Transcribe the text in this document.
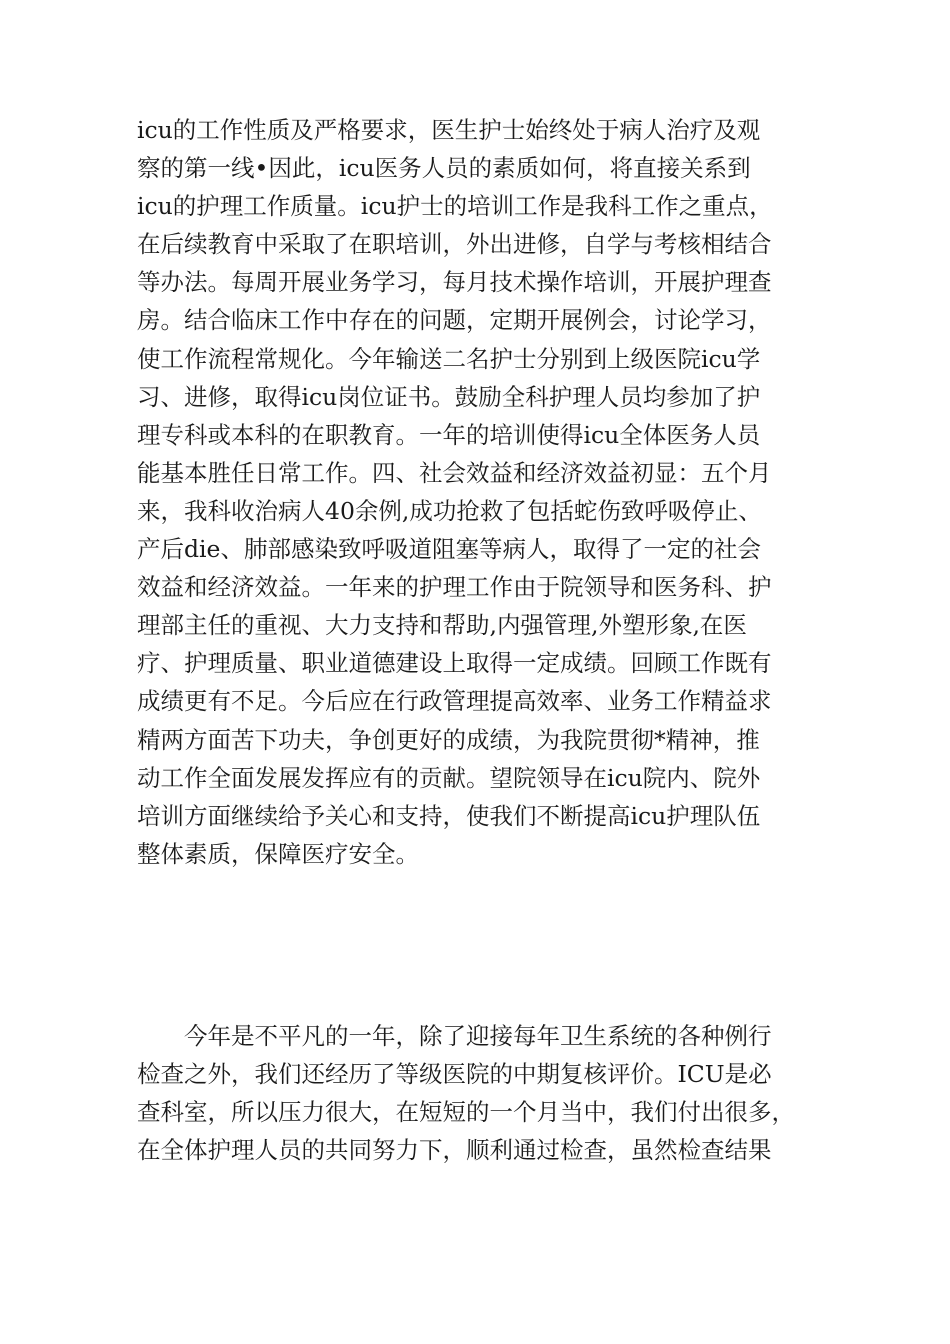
icu的工作性质及严格要求，医生护士始终处于病人治疗及观
察的第一线•因此，icu医务人员的素质如何，将直接关系到
icu的护理工作质量。icu护士的培训工作是我科工作之重点，
在后续教育中采取了在职培训，外出进修，自学与考核相结合
等办法。每周开展业务学习，每月技术操作培训，开展护理查
房。结合临床工作中存在的问题，定期开展例会，讨论学习，
使工作流程常规化。今年输送二名护士分别到上级医院icu学
习、进修，取得icu岗位证书。鼓励全科护理人员均参加了护
理专科或本科的在职教育。一年的培训使得icu全体医务人员
能基本胜任日常工作。四、社会效益和经济效益初显：五个月
来，我科收治病人40余例,成功抢救了包括蛇伤致呼吸停止、
产后die、肺部感染致呼吸道阻塞等病人，取得了一定的社会
效益和经济效益。一年来的护理工作由于院领导和医务科、护
理部主任的重视、大力支持和帮助,内强管理,外塑形象,在医
疗、护理质量、职业道德建设上取得一定成绩。回顾工作既有
成绩更有不足。今后应在行政管理提高效率、业务工作精益求
精两方面苦下功夫，争创更好的成绩，为我院贯彻*精神，推
动工作全面发展发挥应有的贡献。望院领导在icu院内、院外
培训方面继续给予关心和支持，使我们不断提高icu护理队伍
整体素质，保障医疗安全。
今年是不平凡的一年，除了迎接每年卫生系统的各种例行
检查之外，我们还经历了等级医院的中期复核评价。ICU是必
查科室，所以压力很大，在短短的一个月当中，我们付出很多，
在全体护理人员的共同努力下，顺利通过检查，虽然检查结果
